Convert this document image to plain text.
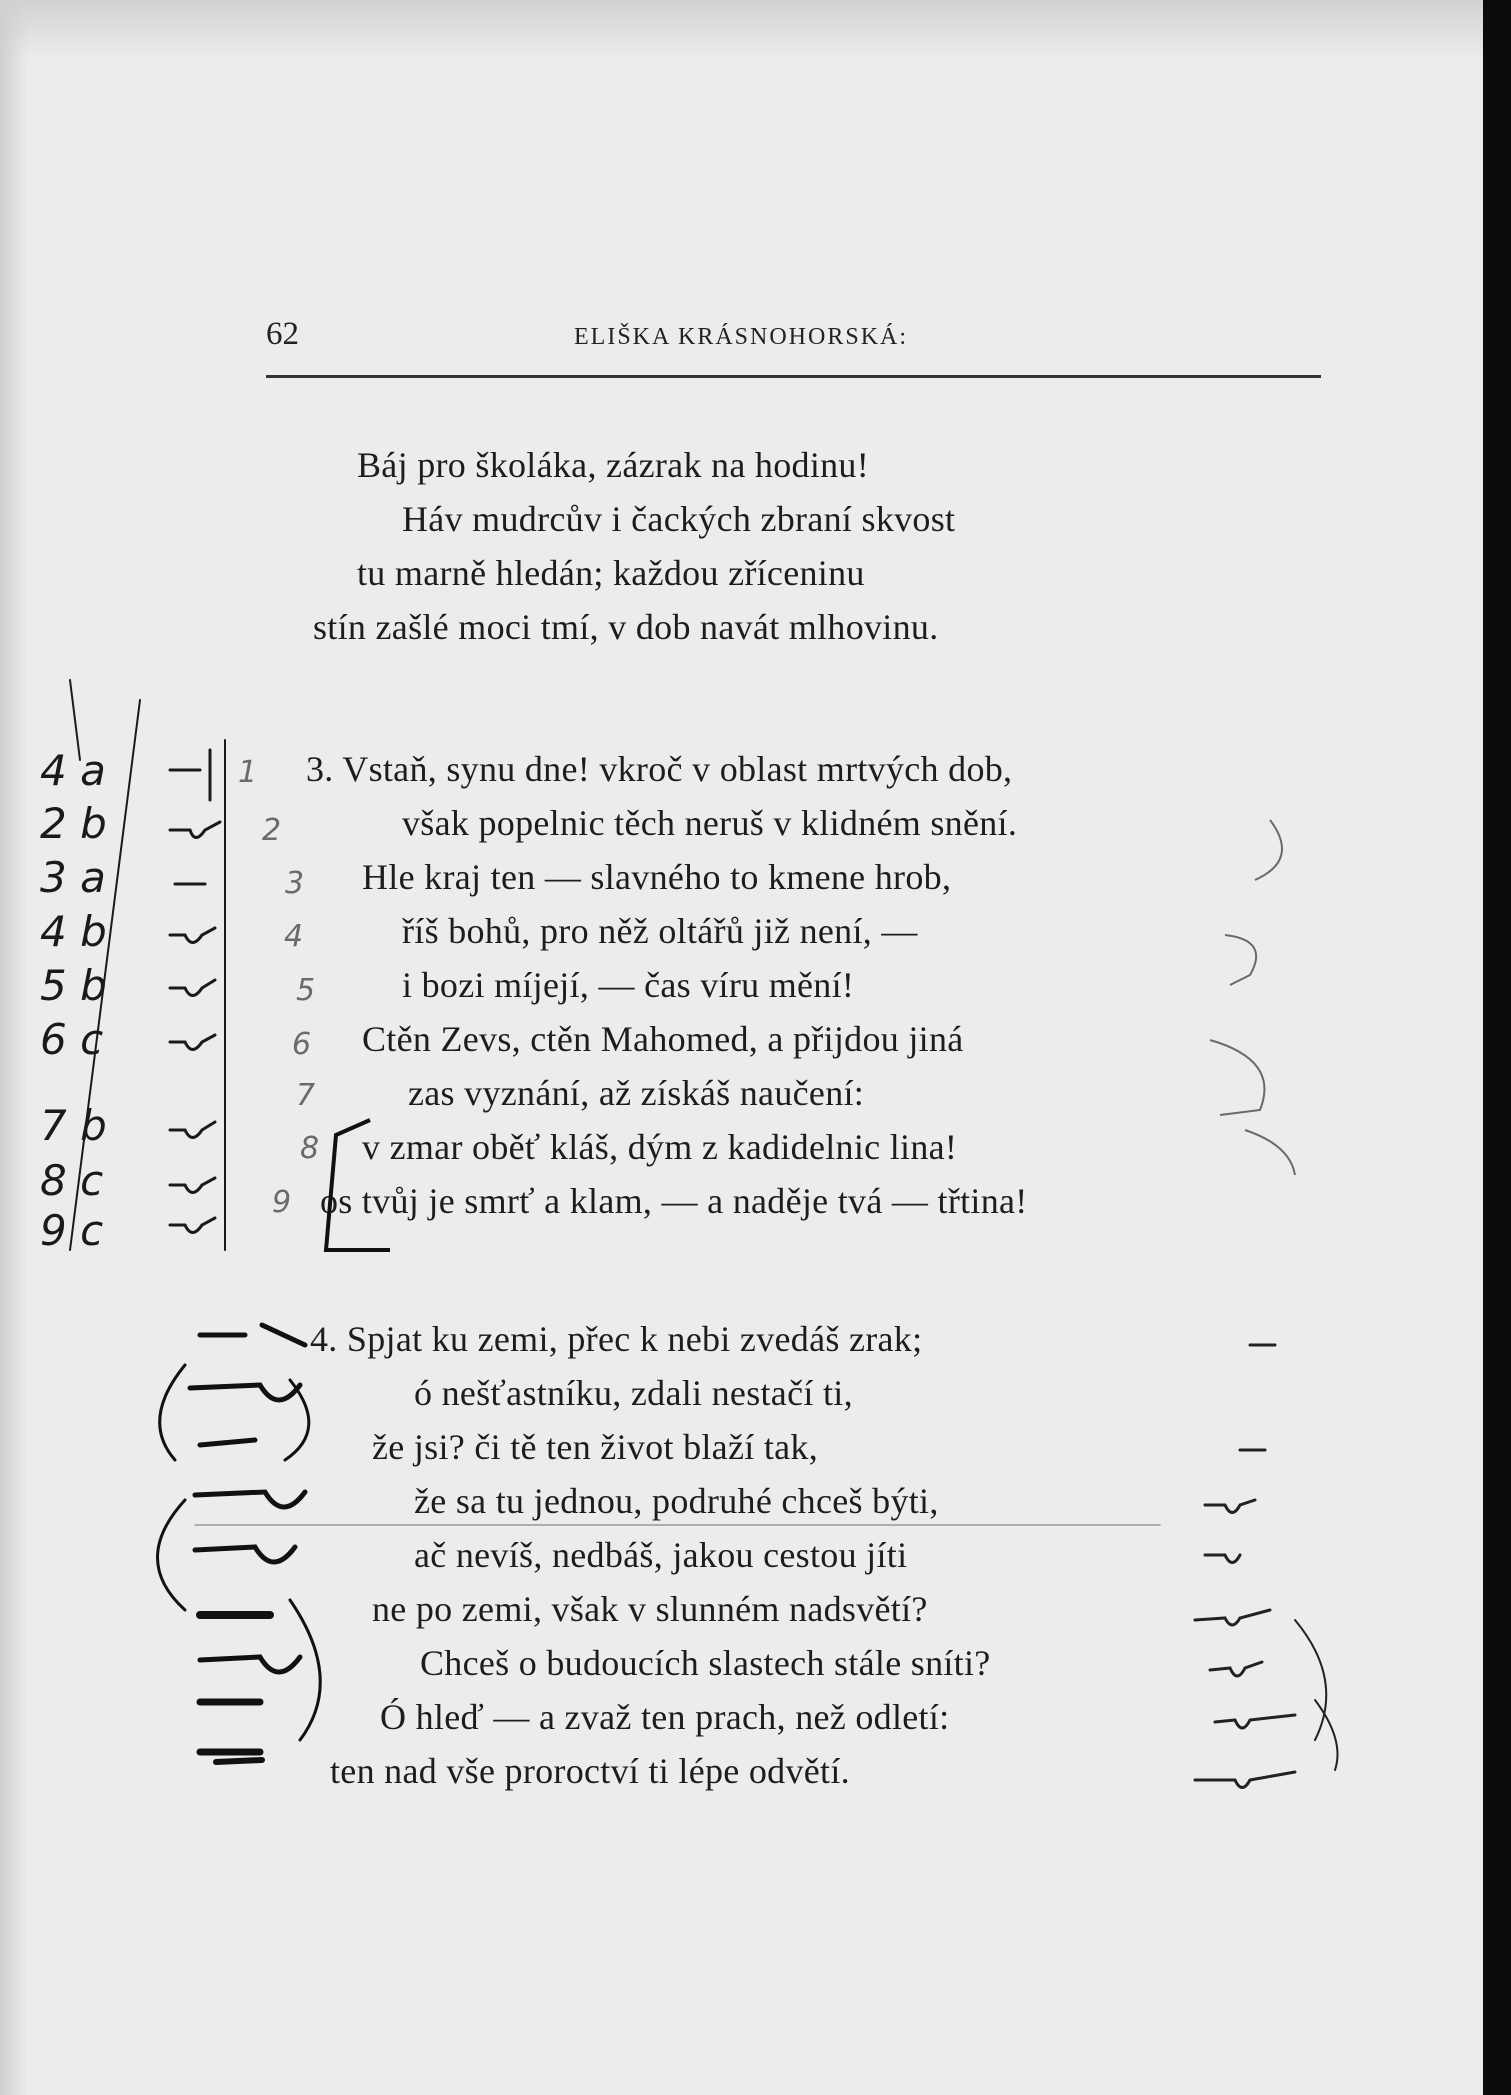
62	ELIŠKA KRÁSNOHORSKÁ:
Báj pro školáka, zázrak na hodinu!
Háv mudrcův i čackých zbraní skvost
tu marně hledán; každou zříceninu
stín zašlé moci tmí, v dob navát mlhovinu.
3. Vstaň, synu dne! vkroč v oblast mrtvých dob,
však popelnic těch neruš v klidném snění.
Hle kraj ten — slavného to kmene hrob,
říš bohů, pro něž oltářů již není, —
i bozi míjejí, — čas víru mění!
Ctěn Zevs, ctěn Mahomed, a přijdou jiná
zas vyznání, až získáš naučení:
v zmar oběť kláš, dým z kadidelnic lina!
os tvůj je smrť a klam, — a naděje tvá — třtina!
4. Spjat ku zemi, přec k nebi zvedáš zrak;
ó nešťastníku, zdali nestačí ti,
že jsi? či tě ten život blaží tak,
že sa tu jednou, podruhé chceš býti,
ač nevíš, nedbáš, jakou cestou jíti
ne po zemi, však v slunném nadsvětí?
Chceš o budoucích slastech stále sníti?
Ó hleď — a zvaž ten prach, než odletí:
ten nad vše proroctví ti lépe odvětí.
4 a
2 b
3 a
4 b
5 b
6 c
7 b
8 c
9 c
1
2
3
4
5
6
7
8
9
